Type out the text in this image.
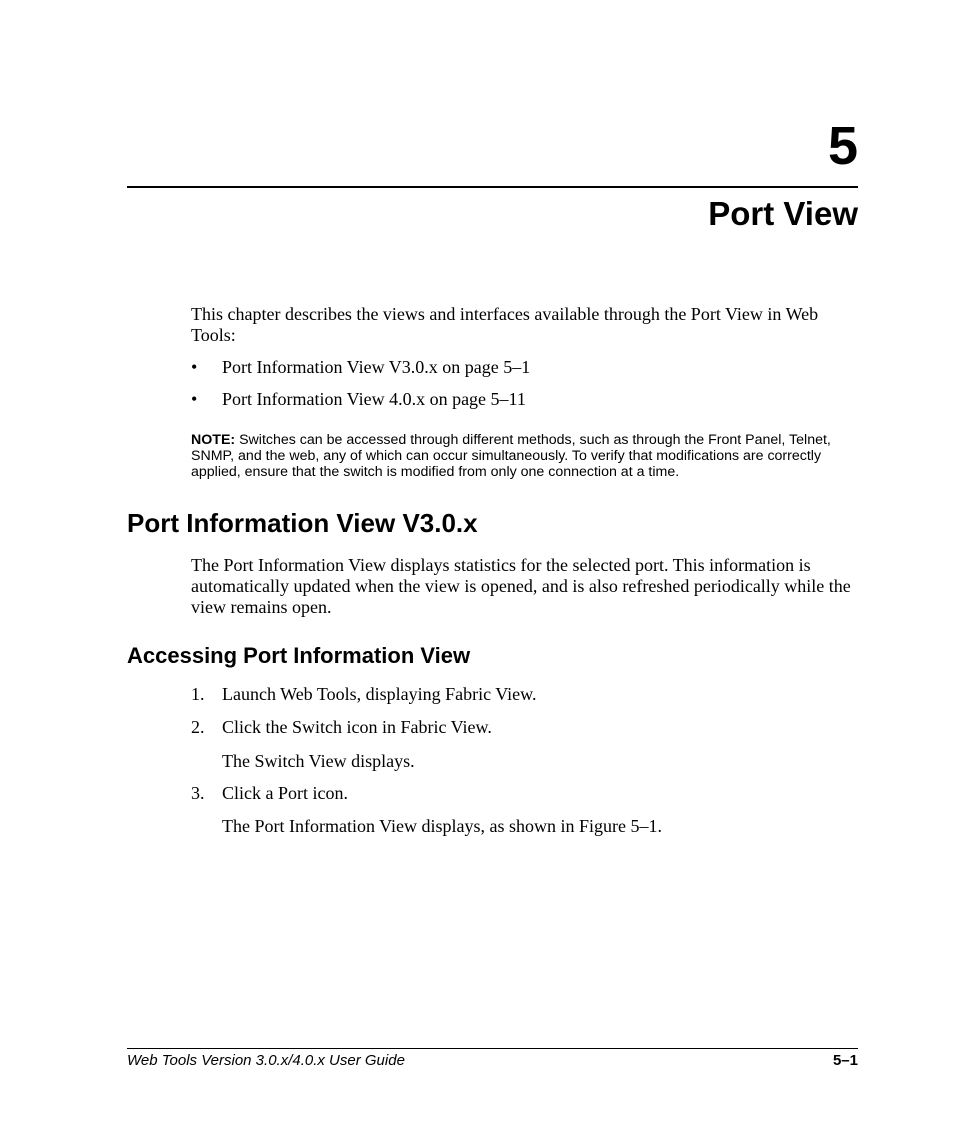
5
Port View

This chapter describes the views and interfaces available through the Port View in Web Tools:

• Port Information View V3.0.x on page 5–1
• Port Information View 4.0.x on page 5–11

NOTE: Switches can be accessed through different methods, such as through the Front Panel, Telnet, SNMP, and the web, any of which can occur simultaneously. To verify that modifications are correctly applied, ensure that the switch is modified from only one connection at a time.

Port Information View V3.0.x

The Port Information View displays statistics for the selected port. This information is automatically updated when the view is opened, and is also refreshed periodically while the view remains open.

Accessing Port Information View
1. Launch Web Tools, displaying Fabric View.
2. Click the Switch icon in Fabric View.

The Switch View displays.

3. Click a Port icon.

The Port Information View displays, as shown in Figure 5–1.

Web Tools Version 3.0.x/4.0.x User Guide	5–1
